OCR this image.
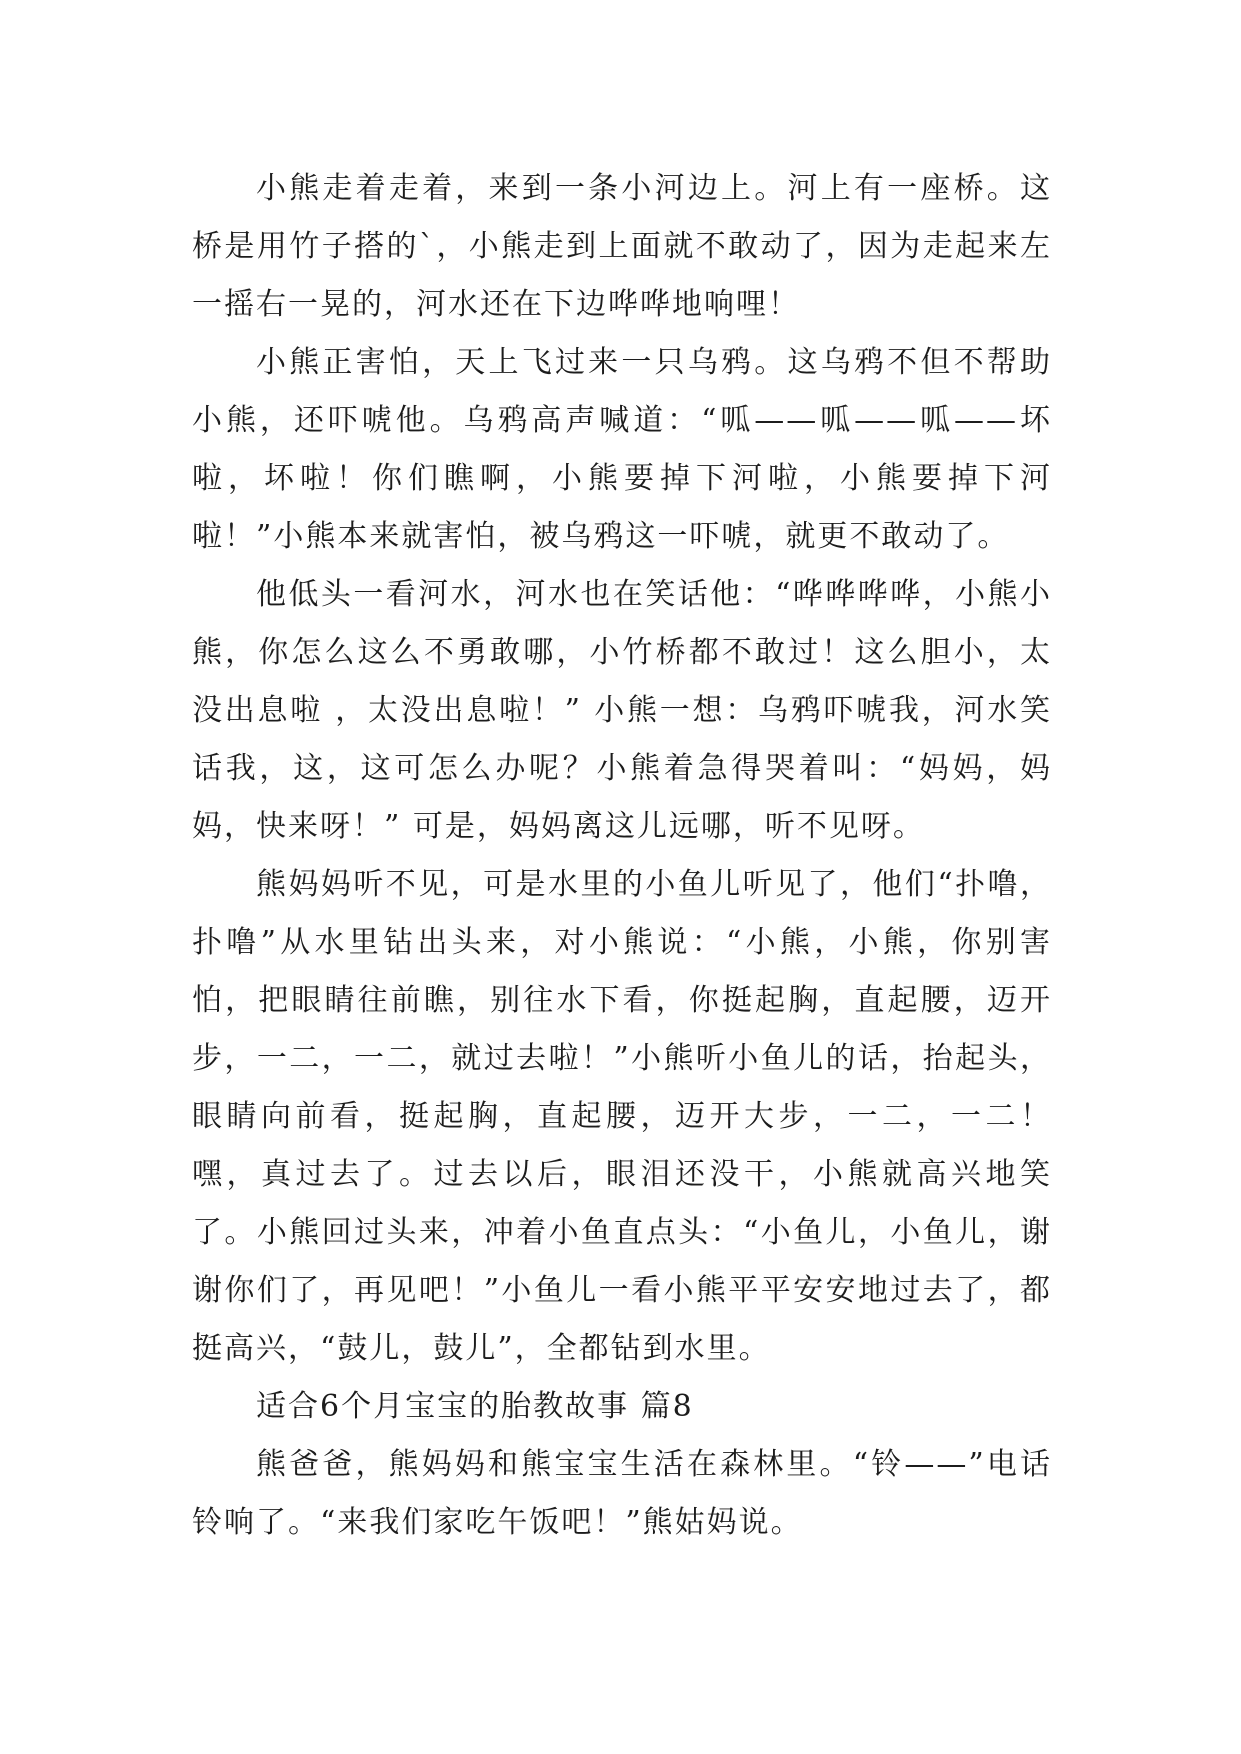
小熊走着走着，来到一条小河边上。河上有一座桥。这桥是用竹子搭的`，小熊走到上面就不敢动了，因为走起来左一摇右一晃的，河水还在下边哗哗地响哩！

小熊正害怕，天上飞过来一只乌鸦。这乌鸦不但不帮助小熊，还吓唬他。乌鸦高声喊道：“呱——呱——呱——坏啦，坏啦！你们瞧啊，小熊要掉下河啦，小熊要掉下河啦！”小熊本来就害怕，被乌鸦这一吓唬，就更不敢动了。

他低头一看河水，河水也在笑话他：“哗哗哗哗，小熊小熊，你怎么这么不勇敢哪，小竹桥都不敢过！这么胆小，太没出息啦 ，太没出息啦！” 小熊一想：乌鸦吓唬我，河水笑话我，这，这可怎么办呢？小熊着急得哭着叫：“妈妈，妈妈，快来呀！” 可是，妈妈离这儿远哪，听不见呀。

熊妈妈听不见，可是水里的小鱼儿听见了，他们“扑噜，扑噜”从水里钻出头来，对小熊说：“小熊，小熊，你别害怕，把眼睛往前瞧，别往水下看，你挺起胸，直起腰，迈开步，一二，一二，就过去啦！”小熊听小鱼儿的话，抬起头，眼睛向前看，挺起胸，直起腰，迈开大步，一二，一二！嘿，真过去了。过去以后，眼泪还没干，小熊就高兴地笑了。小熊回过头来，冲着小鱼直点头：“小鱼儿，小鱼儿，谢谢你们了，再见吧！”小鱼儿一看小熊平平安安地过去了，都挺高兴，“鼓儿，鼓儿”，全都钻到水里。

适合6个月宝宝的胎教故事 篇8

熊爸爸，熊妈妈和熊宝宝生活在森林里。“铃——”电话铃响了。“来我们家吃午饭吧！”熊姑妈说。
